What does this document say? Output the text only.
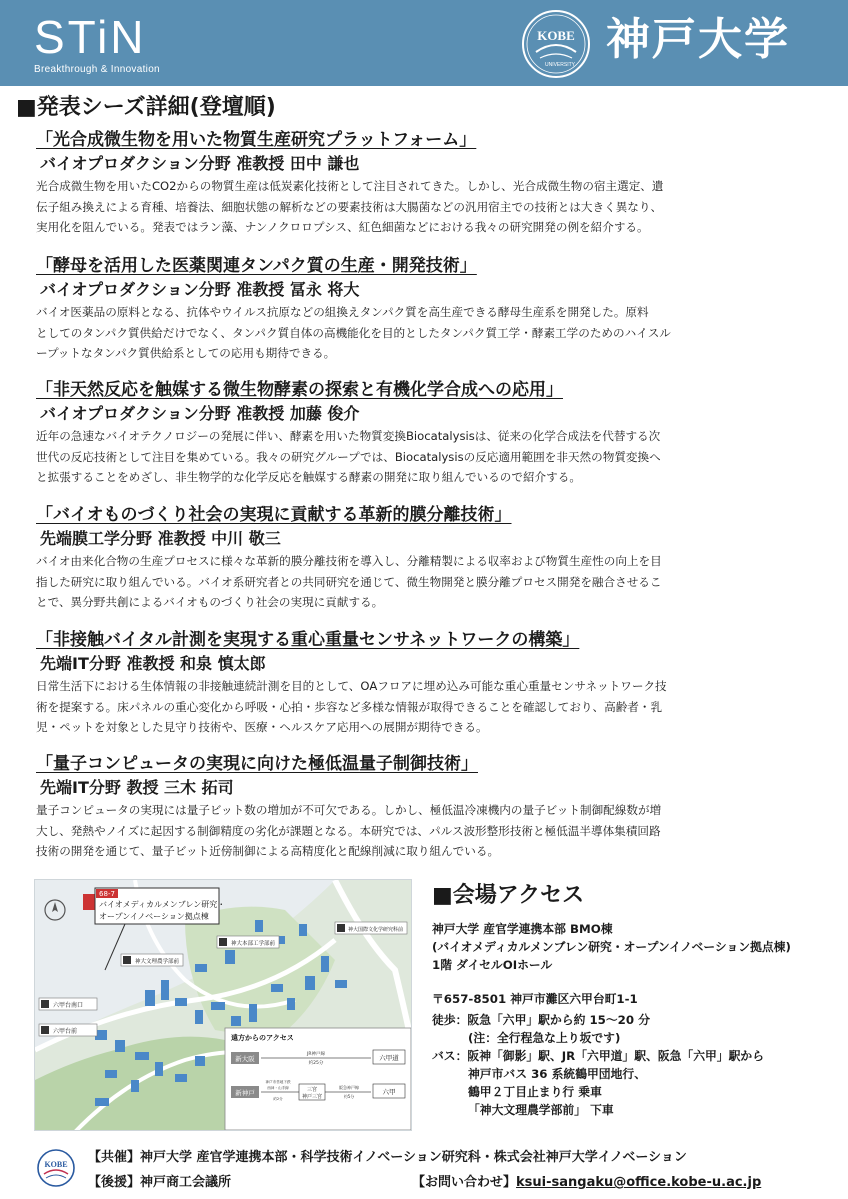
STiN
Breakthrough & Innovation
KOBE
UNIVERSITY 神戸大学
■発表シーズ詳細(登壇順)
「光合成微生物を用いた物質生産研究プラットフォーム」
バイオプロダクション分野 准教授 田中 謙也
光合成微生物を用いたCO2からの物質生産は低炭素化技術として注目されてきた。しかし、光合成微生物の宿主選定、遺
伝子組み換えによる育種、培養法、細胞状態の解析などの要素技術は大腸菌などの汎用宿主での技術とは大きく異なり、
実用化を阻んでいる。発表ではラン藻、ナンノクロロプシス、紅色細菌などにおける我々の研究開発の例を紹介する。
「酵母を活用した医薬関連タンパク質の生産・開発技術」
バイオプロダクション分野 准教授 冨永 将大
バイオ医薬品の原料となる、抗体やウイルス抗原などの組換えタンパク質を高生産できる酵母生産系を開発した。原料
としてのタンパク質供給だけでなく、タンパク質自体の高機能化を目的としたタンパク質工学・酵素工学のためのハイスル
ープットなタンパク質供給系としての応用も期待できる。
「非天然反応を触媒する微生物酵素の探索と有機化学合成への応用」
バイオプロダクション分野 准教授 加藤 俊介
近年の急速なバイオテクノロジーの発展に伴い、酵素を用いた物質変換Biocatalysisは、従来の化学合成法を代替する次
世代の反応技術として注目を集めている。我々の研究グループでは、Biocatalysisの反応適用範囲を非天然の物質変換へ
と拡張することをめざし、非生物学的な化学反応を触媒する酵素の開発に取り組んでいるので紹介する。
「バイオものづくり社会の実現に貢献する革新的膜分離技術」
先端膜工学分野 准教授 中川 敬三
バイオ由来化合物の生産プロセスに様々な革新的膜分離技術を導入し、分離精製による収率および物質生産性の向上を目
指した研究に取り組んでいる。バイオ系研究者との共同研究を通じて、微生物開発と膜分離プロセス開発を融合させるこ
とで、異分野共創によるバイオものづくり社会の実現に貢献する。
「非接触バイタル計測を実現する重心重量センサネットワークの構築」
先端IT分野 准教授 和泉 慎太郎
日常生活下における生体情報の非接触連続計測を目的として、OAフロアに埋め込み可能な重心重量センサネットワーク技
術を提案する。床パネルの重心変化から呼吸・心拍・歩容など多様な情報が取得できることを確認しており、高齢者・乳
児・ペットを対象とした見守り技術や、医療・ヘルスケア応用への展開が期待できる。
「量子コンピュータの実現に向けた極低温量子制御技術」
先端IT分野 教授 三木 拓司
量子コンピュータの実現には量子ビット数の増加が不可欠である。しかし、極低温冷凍機内の量子ビット制御配線数が増
大し、発熱やノイズに起因する制御精度の劣化が課題となる。本研究では、パルス波形整形技術と極低温半導体集積回路
技術の開発を通じて、量子ビット近傍制御による高精度化と配線削減に取り組んでいる。
68-7
バイオメディカルメンブレン研究・
オープンイノベーション拠点棟
神大本部工学部前
神大文理農学部前
神大国際文化学研究科前
六甲台南口
六甲台前
遠方からのアクセス
新大阪
JR神戸線
約25分
六甲道
新神戸
神戸市営地下鉄
西神・山手線
約2分
三宮
神戸三宮
阪急神戸線
約5分
六甲
■会場アクセス
神戸大学 産官学連携本部 BMO棟
(バイオメディカルメンブレン研究・オープンイノベーション拠点棟)
1階 ダイセルOIホール
〒657-8501 神戸市灘区六甲台町1-1
徒歩：阪急「六甲」駅から約 15～20 分
(注：全行程急な上り坂です)
バス：阪神「御影」駅、JR「六甲道」駅、阪急「六甲」駅から
神戸市バス 36 系統鶴甲団地行、
鶴甲２丁目止まり行 乗車
「神大文理農学部前」 下車
KOBE 【共催】神戸大学 産官学連携本部・科学技術イノベーション研究科・株式会社神戸大学イノベーション
【後援】神戸商工会議所	【お問い合わせ】ksui-sangaku@office.kobe-u.ac.jp
